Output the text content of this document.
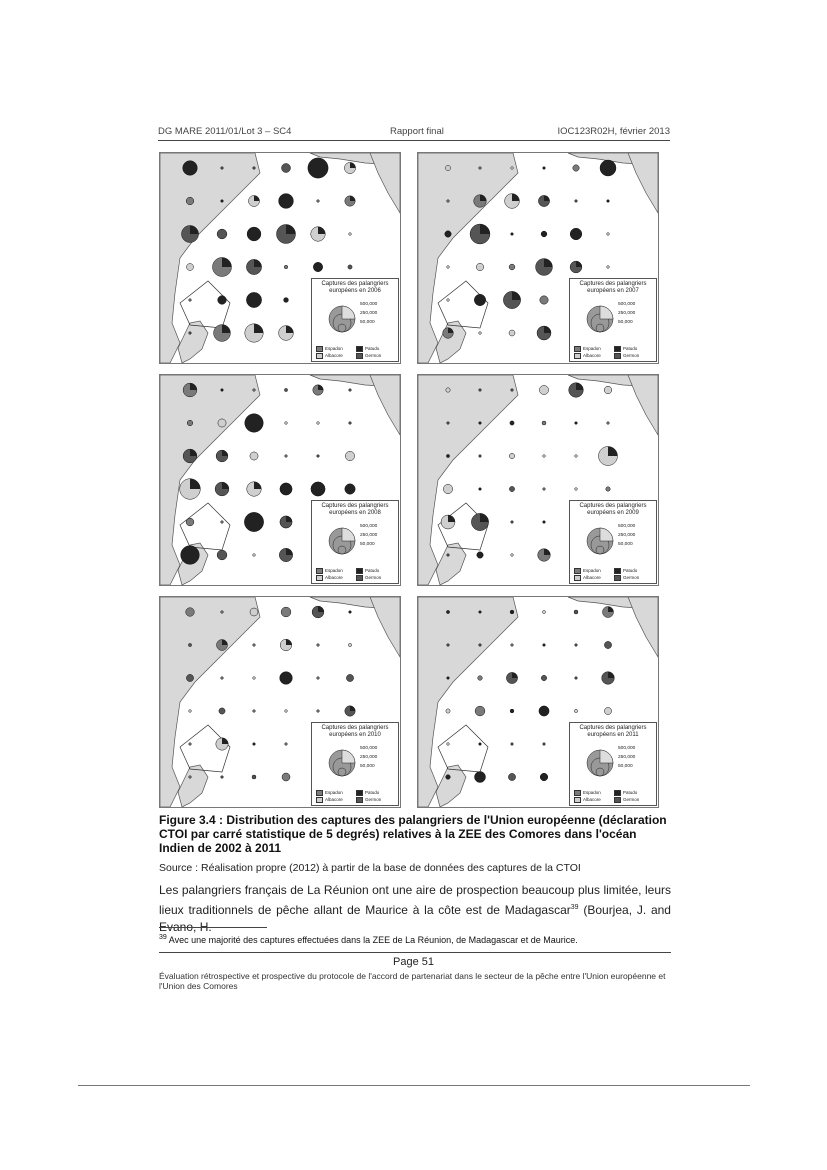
DG MARE 2011/01/Lot 3 – SC4	Rapport final	IOC123R02H, février 2013

Captures des palangriers européens en 2006
500,000
250,000
50,000
Espadon	PatudoAlbacore	Germon
Captures des palangriers européens en 2007
500,000
250,000
50,000
Espadon	PatudoAlbacore	Germon
Captures des palangriers européens en 2008
500,000
250,000
50,000
Espadon	PatudoAlbacore	Germon
Captures des palangriers européens en 2009
500,000
250,000
50,000
Espadon	PatudoAlbacore	Germon
Captures des palangriers européens en 2010
500,000
250,000
50,000
Espadon	PatudoAlbacore	Germon
Captures des palangriers européens en 2011
500,000
250,000
50,000
Espadon	PatudoAlbacore	Germon
Figure 3.4 : Distribution des captures des palangriers de l'Union européenne (déclaration CTOI par carré statistique de 5 degrés) relatives à la ZEE des Comores dans l'océan Indien de 2002 à 2011
Source : Réalisation propre (2012) à partir de la base de données des captures de la CTOI
Les palangriers français de La Réunion ont une aire de prospection beaucoup plus limitée, leurs lieux traditionnels de pêche allant de Maurice à la côte est de Madagascar$^{39}$ (Bourjea, J. and Evano, H.
$^{39}$ Avec une majorité des captures effectuées dans la ZEE de La Réunion, de Madagascar et de Maurice.
Page 51
Évaluation rétrospective et prospective du protocole de l'accord de partenariat dans le secteur de la pêche entre l'Union européenne et l'Union des Comores
